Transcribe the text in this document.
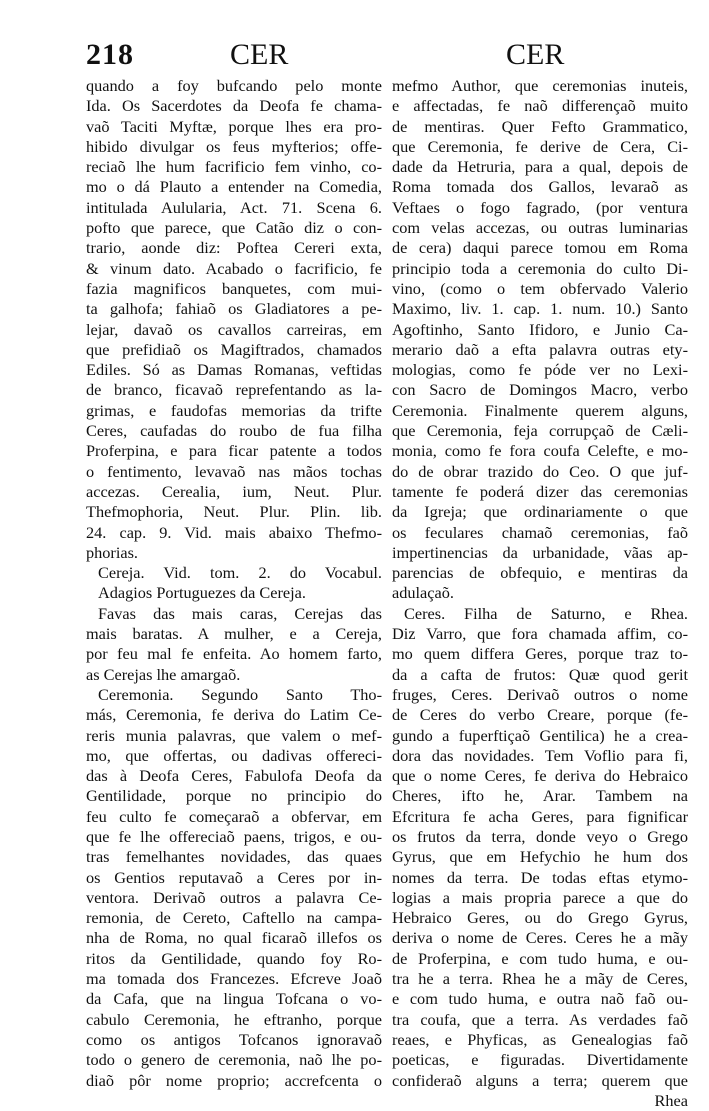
218	CER	CER
quando a foy bufcando pelo monte
Ida. Os Sacerdotes da Deofa fe chama-
vaõ Taciti Myftæ, porque lhes era pro-
hibido divulgar os feus myfterios; offe-
reciaõ lhe hum facrificio fem vinho, co-
mo o dá Plauto a entender na Comedia,
intitulada Aulularia, Act. 71. Scena 6.
pofto que parece, que Catão diz o con-
trario, aonde diz: Poftea Cereri exta,
& vinum dato. Acabado o facrificio, fe
fazia magnificos banquetes, com mui-
ta galhofa; fahiaõ os Gladiatores a pe-
lejar, davaõ os cavallos carreiras, em
que prefidiaõ os Magiftrados, chamados
Ediles. Só as Damas Romanas, veftidas
de branco, ficavaõ reprefentando as la-
grimas, e faudofas memorias da trifte
Ceres, caufadas do roubo de fua filha
Proferpina, e para ficar patente a todos
o fentimento, levavaõ nas mãos tochas
accezas. Cerealia, ium, Neut. Plur.
Thefmophoria, Neut. Plur. Plin. lib.
24. cap. 9. Vid. mais abaixo Thefmo-
phorias.
Cereja. Vid. tom. 2. do Vocabul.
Adagios Portuguezes da Cereja.
Favas das mais caras, Cerejas das
mais baratas. A mulher, e a Cereja,
por feu mal fe enfeita. Ao homem farto,
as Cerejas lhe amargaõ.
Ceremonia. Segundo Santo Tho-
más, Ceremonia, fe deriva do Latim Ce-
reris munia palavras, que valem o mef-
mo, que offertas, ou dadivas offereci-
das à Deofa Ceres, Fabulofa Deofa da
Gentilidade, porque no principio do
feu culto fe começaraõ a obfervar, em
que fe lhe offereciaõ paens, trigos, e ou-
tras femelhantes novidades, das quaes
os Gentios reputavaõ a Ceres por in-
ventora. Derivaõ outros a palavra Ce-
remonia, de Cereto, Caftello na campa-
nha de Roma, no qual ficaraõ illefos os
ritos da Gentilidade, quando foy Ro-
ma tomada dos Francezes. Efcreve Joaõ
da Cafa, que na lingua Tofcana o vo-
cabulo Ceremonia, he eftranho, porque
como os antigos Tofcanos ignoravaõ
todo o genero de ceremonia, naõ lhe po-
diaõ pôr nome proprio; accrefcenta o
mefmo Author, que ceremonias inuteis,
e affectadas, fe naõ differençaõ muito
de mentiras. Quer Fefto Grammatico,
que Ceremonia, fe derive de Cera, Ci-
dade da Hetruria, para a qual, depois de
Roma tomada dos Gallos, levaraõ as
Veftaes o fogo fagrado, (por ventura
com velas accezas, ou outras luminarias
de cera) daqui parece tomou em Roma
principio toda a ceremonia do culto Di-
vino, (como o tem obfervado Valerio
Maximo, liv. 1. cap. 1. num. 10.) Santo
Agoftinho, Santo Ifidoro, e Junio Ca-
merario daõ a efta palavra outras ety-
mologias, como fe póde ver no Lexi-
con Sacro de Domingos Macro, verbo
Ceremonia. Finalmente querem alguns,
que Ceremonia, feja corrupçaõ de Cæli-
monia, como fe fora coufa Celefte, e mo-
do de obrar trazido do Ceo. O que juf-
tamente fe poderá dizer das ceremonias
da Igreja; que ordinariamente o que
os feculares chamaõ ceremonias, faõ
impertinencias da urbanidade, vãas ap-
parencias de obfequio, e mentiras da
adulaçaõ.
Ceres. Filha de Saturno, e Rhea.
Diz Varro, que fora chamada affim, co-
mo quem differa Geres, porque traz to-
da a cafta de frutos: Quæ quod gerit
fruges, Ceres. Derivaõ outros o nome
de Ceres do verbo Creare, porque (fe-
gundo a fuperftiçaõ Gentilica) he a crea-
dora das novidades. Tem Voflio para fi,
que o nome Ceres, fe deriva do Hebraico
Cheres, ifto he, Arar. Tambem na
Efcritura fe acha Geres, para fignificar
os frutos da terra, donde veyo o Grego
Gyrus, que em Hefychio he hum dos
nomes da terra. De todas eftas etymo-
logias a mais propria parece a que do
Hebraico Geres, ou do Grego Gyrus,
deriva o nome de Ceres. Ceres he a mãy
de Proferpina, e com tudo huma, e ou-
tra he a terra. Rhea he a mãy de Ceres,
e com tudo huma, e outra naõ faõ ou-
tra coufa, que a terra. As verdades faõ
reaes, e Phyficas, as Genealogias faõ
poeticas, e figuradas. Divertidamente
confideraõ alguns a terra; querem que
Rhea
